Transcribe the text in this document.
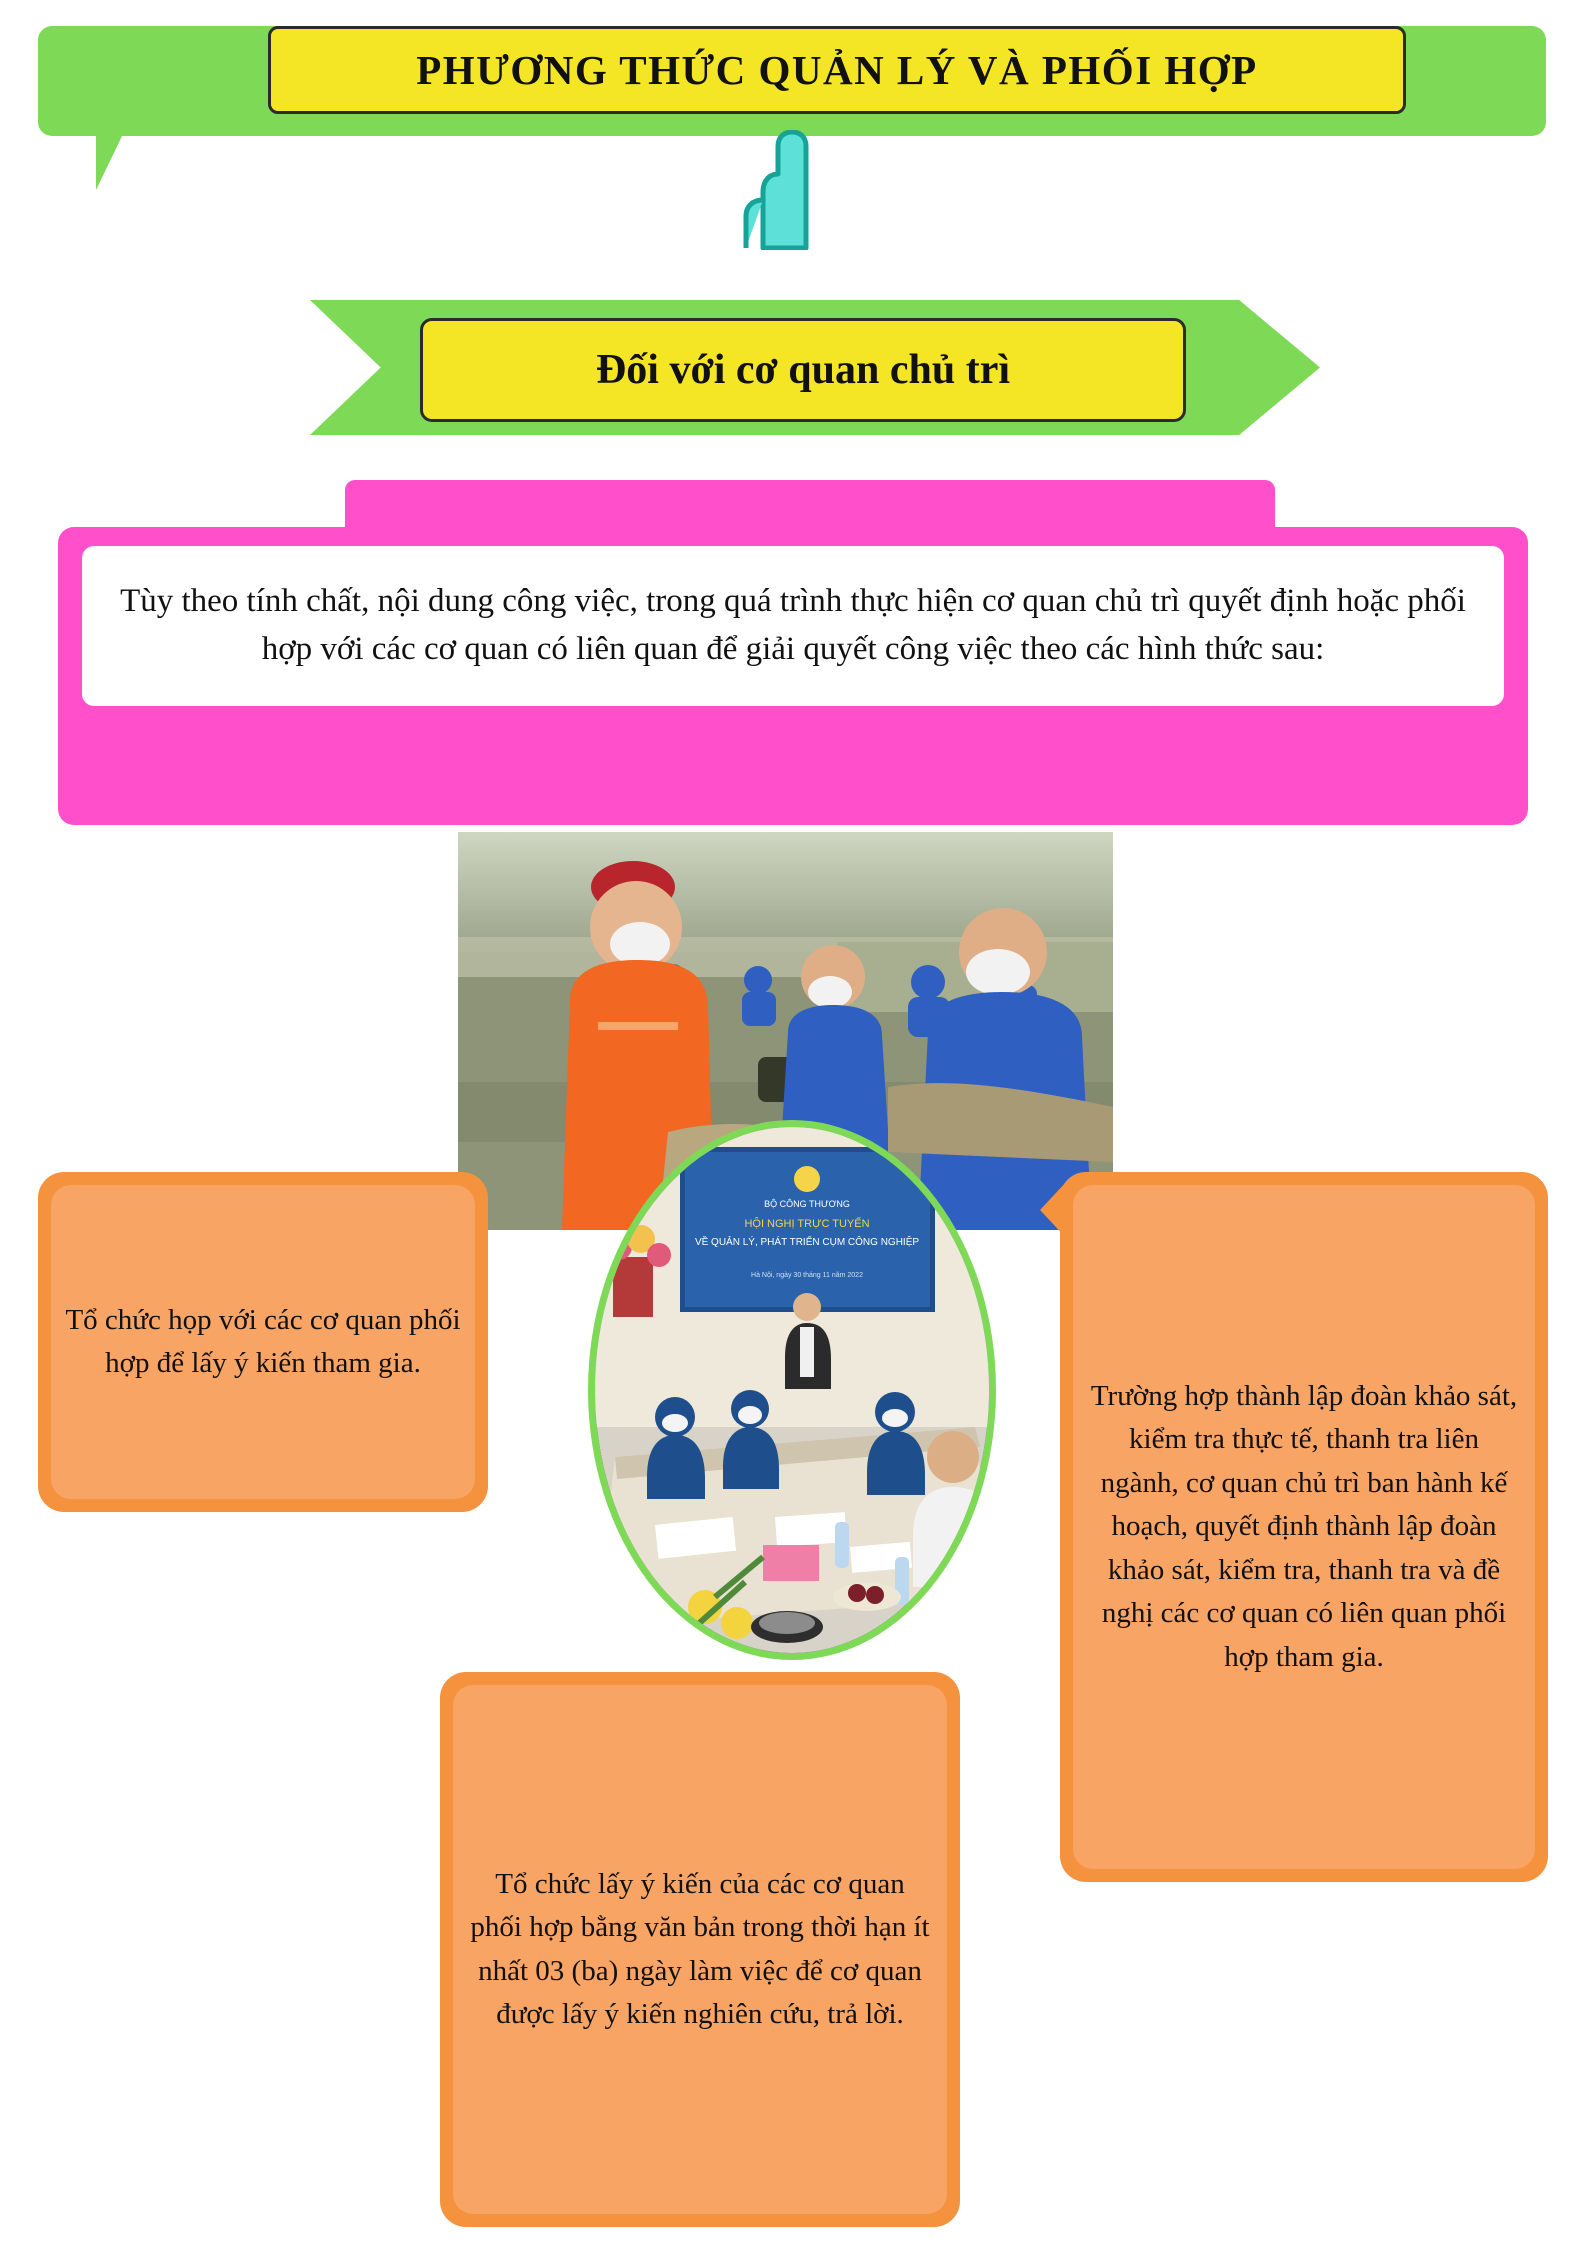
PHƯƠNG THỨC QUẢN LÝ VÀ PHỐI HỢP
Đối với cơ quan chủ trì
Tùy theo tính chất, nội dung công việc, trong quá trình thực hiện cơ quan chủ trì quyết định hoặc phối hợp với các cơ quan có liên quan để giải quyết công việc theo các hình thức sau:
BỘ CÔNG THƯƠNG
HỘI NGHỊ TRỰC TUYẾN
VỀ QUẢN LÝ, PHÁT TRIỂN CỤM CÔNG NGHIỆP
Hà Nội, ngày 30 tháng 11 năm 2022
Tổ chức họp với các cơ quan phối hợp để lấy ý kiến tham gia.
Trường hợp thành lập đoàn khảo sát, kiểm tra thực tế, thanh tra liên ngành, cơ quan chủ trì ban hành kế hoạch, quyết định thành lập đoàn khảo sát, kiểm tra, thanh tra và đề nghị các cơ quan có liên quan phối hợp tham gia.
Tổ chức lấy ý kiến của các cơ quan phối hợp bằng văn bản trong thời hạn ít nhất 03 (ba) ngày làm việc để cơ quan được lấy ý kiến nghiên cứu, trả lời.
